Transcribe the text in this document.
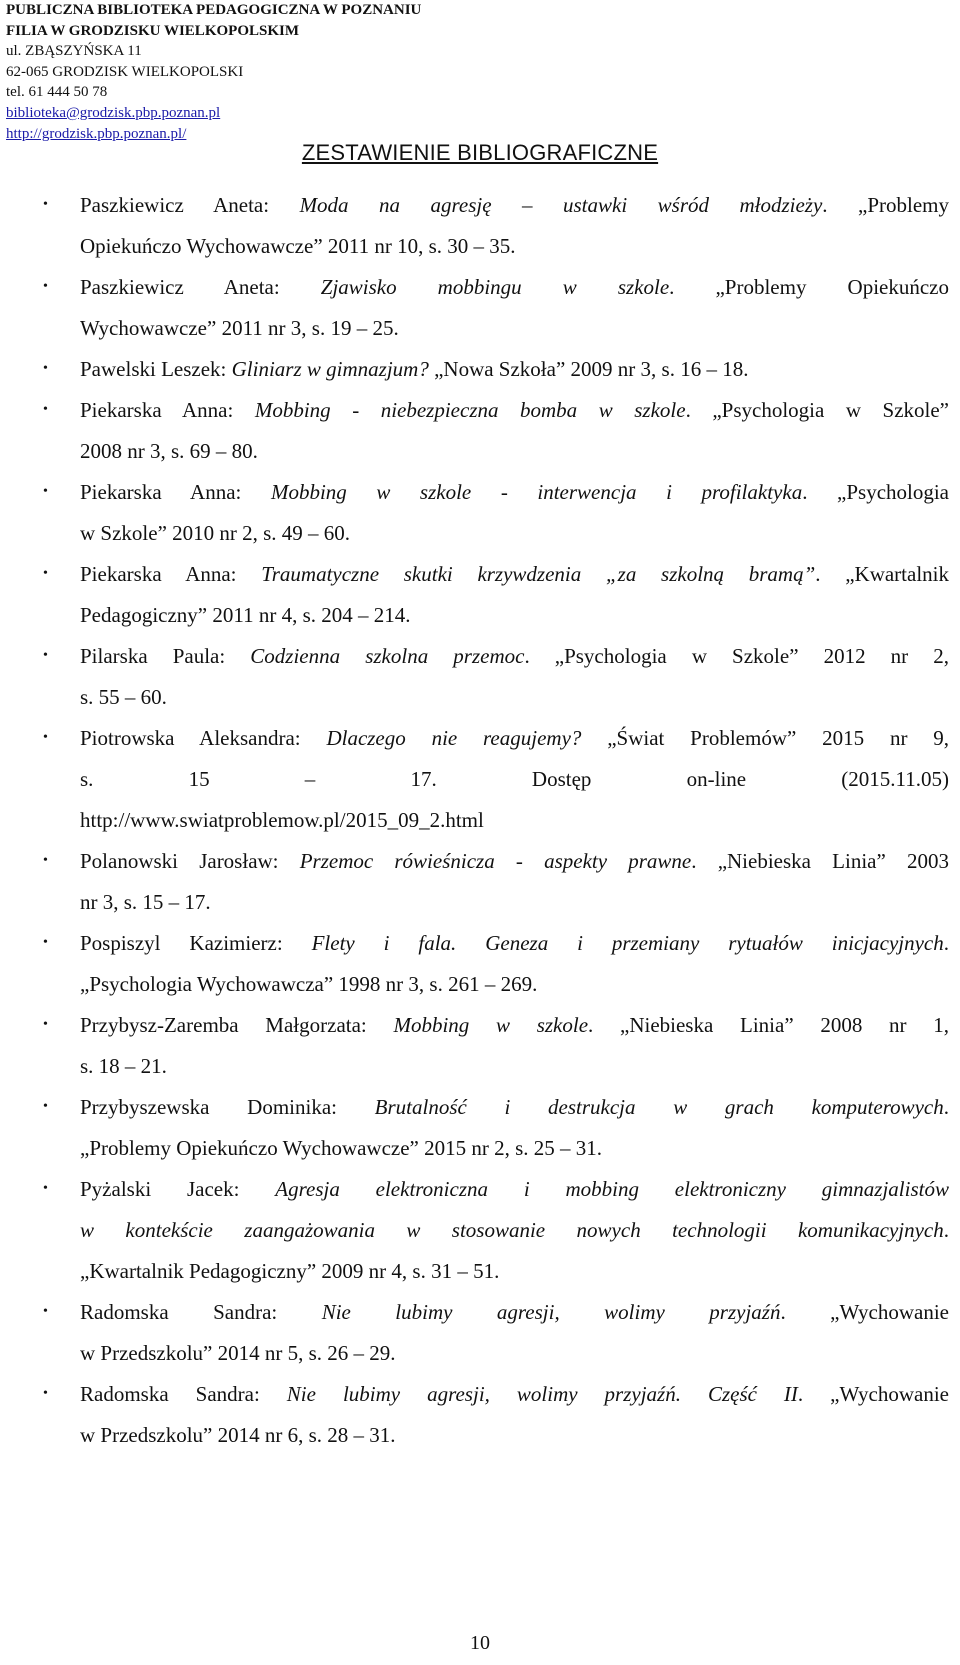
PUBLICZNA BIBLIOTEKA PEDAGOGICZNA W POZNANIU
FILIA W GRODZISKU WIELKOPOLSKIM
ul. ZBĄSZYŃSKA 11
62-065 GRODZISK WIELKOPOLSKI
tel. 61 444 50 78
biblioteka@grodzisk.pbp.poznan.pl
http://grodzisk.pbp.poznan.pl/
ZESTAWIENIE BIBLIOGRAFICZNE
• Paszkiewicz Aneta: Moda na agresję – ustawki wśród młodzieży. „Problemy
Opiekuńczo Wychowawcze” 2011 nr 10, s. 30 – 35.
• Paszkiewicz Aneta: Zjawisko mobbingu w szkole. „Problemy Opiekuńczo
Wychowawcze” 2011 nr 3, s. 19 – 25.
• Pawelski Leszek: Gliniarz w gimnazjum? „Nowa Szkoła” 2009 nr 3, s. 16 – 18.
• Piekarska Anna: Mobbing - niebezpieczna bomba w szkole. „Psychologia w Szkole”
2008 nr 3, s. 69 – 80.
• Piekarska Anna: Mobbing w szkole - interwencja i profilaktyka. „Psychologia
w Szkole” 2010 nr 2, s. 49 – 60.
• Piekarska Anna: Traumatyczne skutki krzywdzenia „za szkolną bramą”. „Kwartalnik
Pedagogiczny” 2011 nr 4, s. 204 – 214.
• Pilarska Paula: Codzienna szkolna przemoc. „Psychologia w Szkole” 2012 nr 2,
s. 55 – 60.
• Piotrowska Aleksandra: Dlaczego nie reagujemy? „Świat Problemów” 2015 nr 9,
s. 15 – 17. Dostęp on-line (2015.11.05)
http://www.swiatproblemow.pl/2015_09_2.html
• Polanowski Jarosław: Przemoc rówieśnicza - aspekty prawne. „Niebieska Linia” 2003
nr 3, s. 15 – 17.
• Pospiszyl Kazimierz: Flety i fala. Geneza i przemiany rytuałów inicjacyjnych.
„Psychologia Wychowawcza” 1998 nr 3, s. 261 – 269.
• Przybysz-Zaremba Małgorzata: Mobbing w szkole. „Niebieska Linia” 2008 nr 1,
s. 18 – 21.
• Przybyszewska Dominika: Brutalność i destrukcja w grach komputerowych.
„Problemy Opiekuńczo Wychowawcze” 2015 nr 2, s. 25 – 31.
• Pyżalski Jacek: Agresja elektroniczna i mobbing elektroniczny gimnazjalistów
w kontekście zaangażowania w stosowanie nowych technologii komunikacyjnych.
„Kwartalnik Pedagogiczny” 2009 nr 4, s. 31 – 51.
• Radomska Sandra: Nie lubimy agresji, wolimy przyjaźń. „Wychowanie
w Przedszkolu” 2014 nr 5, s. 26 – 29.
• Radomska Sandra: Nie lubimy agresji, wolimy przyjaźń. Część II. „Wychowanie
w Przedszkolu” 2014 nr 6, s. 28 – 31.
10
